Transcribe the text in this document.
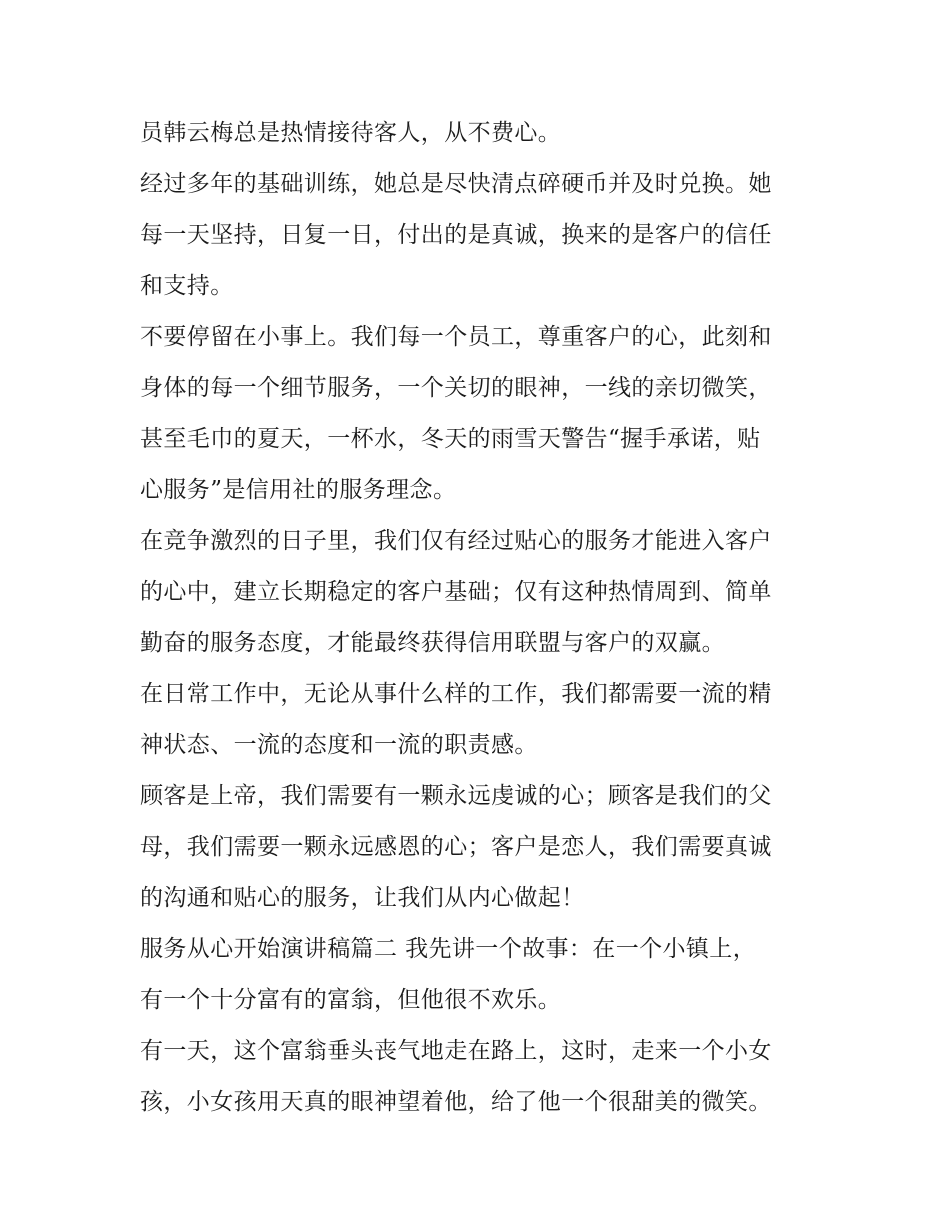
员韩云梅总是热情接待客人，从不费心。
经过多年的基础训练，她总是尽快清点碎硬币并及时兑换。她
每一天坚持，日复一日，付出的是真诚，换来的是客户的信任
和支持。
不要停留在小事上。我们每一个员工，尊重客户的心，此刻和
身体的每一个细节服务，一个关切的眼神，一线的亲切微笑，
甚至毛巾的夏天，一杯水，冬天的雨雪天警告“握手承诺，贴
心服务”是信用社的服务理念。
在竞争激烈的日子里，我们仅有经过贴心的服务才能进入客户
的心中，建立长期稳定的客户基础；仅有这种热情周到、简单
勤奋的服务态度，才能最终获得信用联盟与客户的双赢。
在日常工作中，无论从事什么样的工作，我们都需要一流的精
神状态、一流的态度和一流的职责感。
顾客是上帝，我们需要有一颗永远虔诚的心；顾客是我们的父
母，我们需要一颗永远感恩的心；客户是恋人，我们需要真诚
的沟通和贴心的服务，让我们从内心做起！
服务从心开始演讲稿篇二 我先讲一个故事：在一个小镇上，
有一个十分富有的富翁，但他很不欢乐。
有一天，这个富翁垂头丧气地走在路上，这时，走来一个小女
孩，小女孩用天真的眼神望着他，给了他一个很甜美的微笑。
